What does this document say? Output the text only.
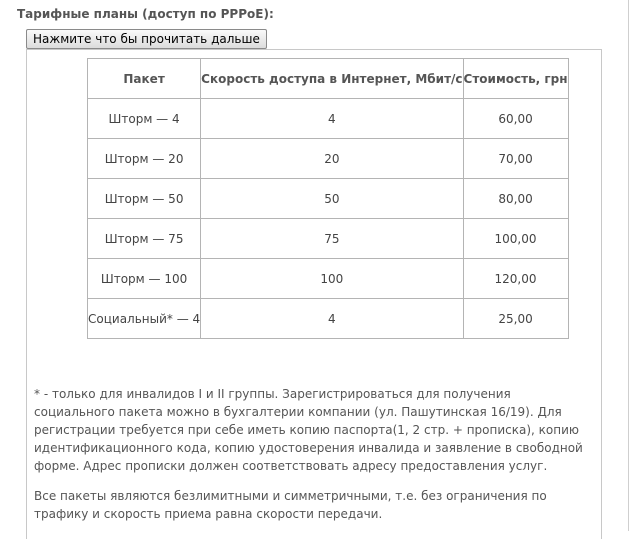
Тарифные планы (доступ по PPPoE):
Нажмите что бы прочитать дальше
Пакет	Скорость доступа в Интернет, Мбит/с	Стоимость, грн
Шторм — 4	4	60,00
Шторм — 20	20	70,00
Шторм — 50	50	80,00
Шторм — 75	75	100,00
Шторм — 100	100	120,00
Социальный* — 4	4	25,00

* - только для инвалидов I и II группы. Зарегистрироваться для получения социального пакета можно в бухгалтерии компании (ул. Пашутинская 16/19). Для регистрации требуется при себе иметь копию паспорта(1, 2 стр. + прописка), копию идентификационного кода, копию удостоверения инвалида и заявление в свободной форме. Адрес прописки должен соответствовать адресу предоставления услуг.

Все пакеты являются безлимитными и симметричными, т.е. без ограничения по трафику и скорость приема равна скорости передачи.
